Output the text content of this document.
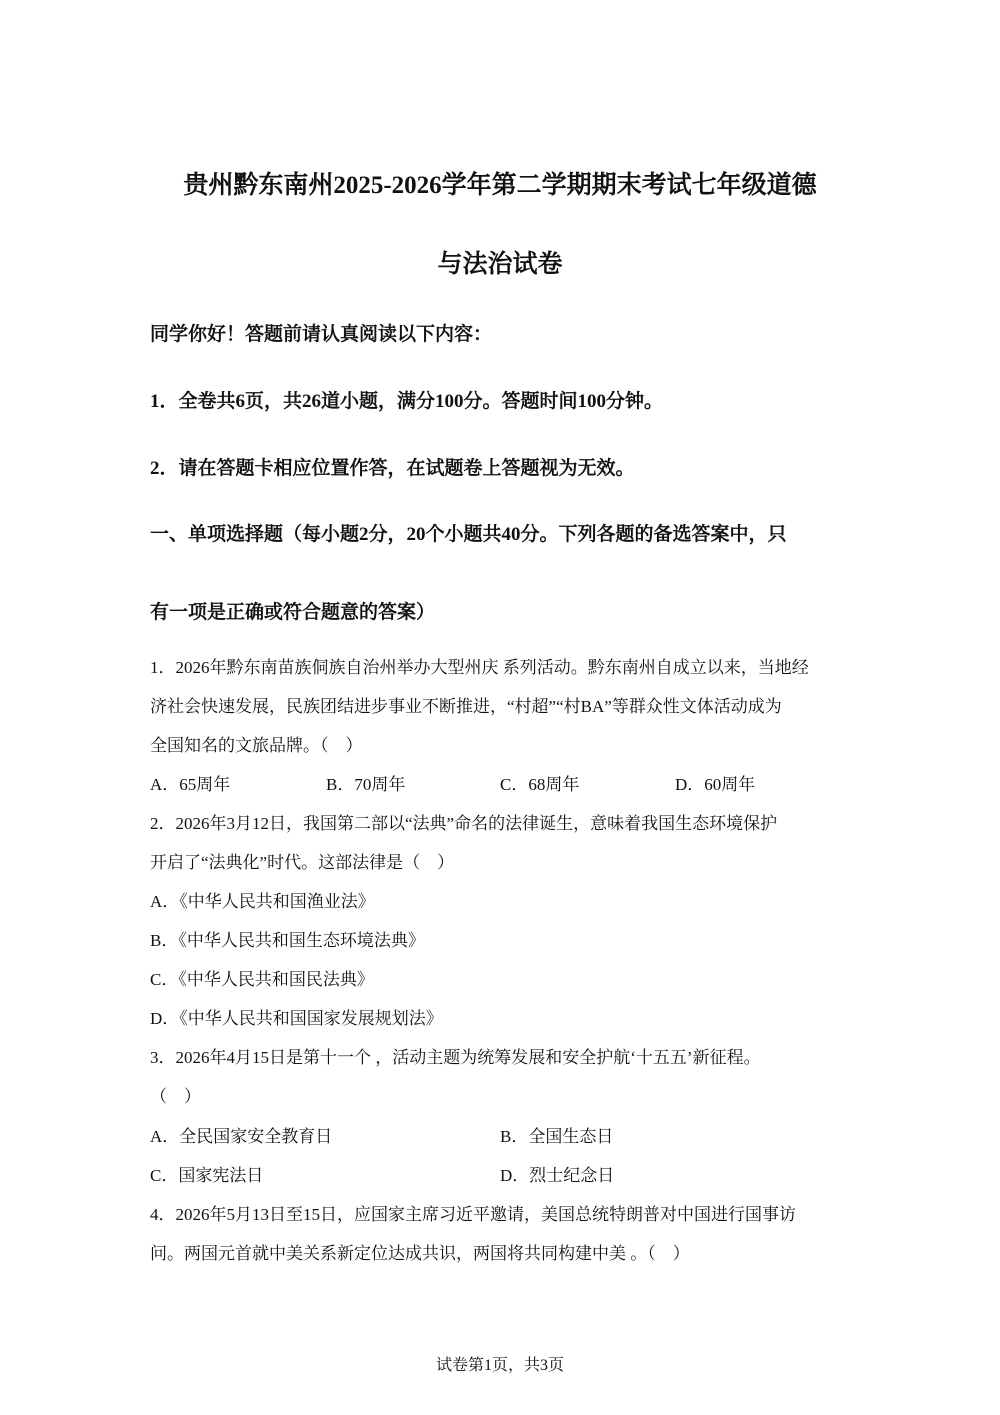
贵州黔东南州2025-2026学年第二学期期末考试七年级道德
与法治试卷
同学你好！答题前请认真阅读以下内容：
1．全卷共6页，共26道小题，满分100分。答题时间100分钟。
2．请在答题卡相应位置作答，在试题卷上答题视为无效。
一、单项选择题（每小题2分，20个小题共40分。下列各题的备选答案中，只
有一项是正确或符合题意的答案）
1．2026年黔东南苗族侗族自治州举办大型州庆 系列活动。黔东南州自成立以来，当地经
济社会快速发展，民族团结进步事业不断推进，“村超”“村BA”等群众性文体活动成为
全国知名的文旅品牌。（　）
A．65周年	B．70周年	C．68周年	D．60周年
2．2026年3月12日，我国第二部以“法典”命名的法律诞生，意味着我国生态环境保护
开启了“法典化”时代。这部法律是（　）
A．《中华人民共和国渔业法》
B．《中华人民共和国生态环境法典》
C．《中华人民共和国民法典》
D．《中华人民共和国国家发展规划法》
3．2026年4月15日是第十一个 ，活动主题为统筹发展和安全护航‘十五五’新征程。
（　）
A．全民国家安全教育日	B．全国生态日
C．国家宪法日	D．烈士纪念日
4．2026年5月13日至15日，应国家主席习近平邀请，美国总统特朗普对中国进行国事访
问。两国元首就中美关系新定位达成共识，两国将共同构建中美 。（　）
试卷第1页，共3页
